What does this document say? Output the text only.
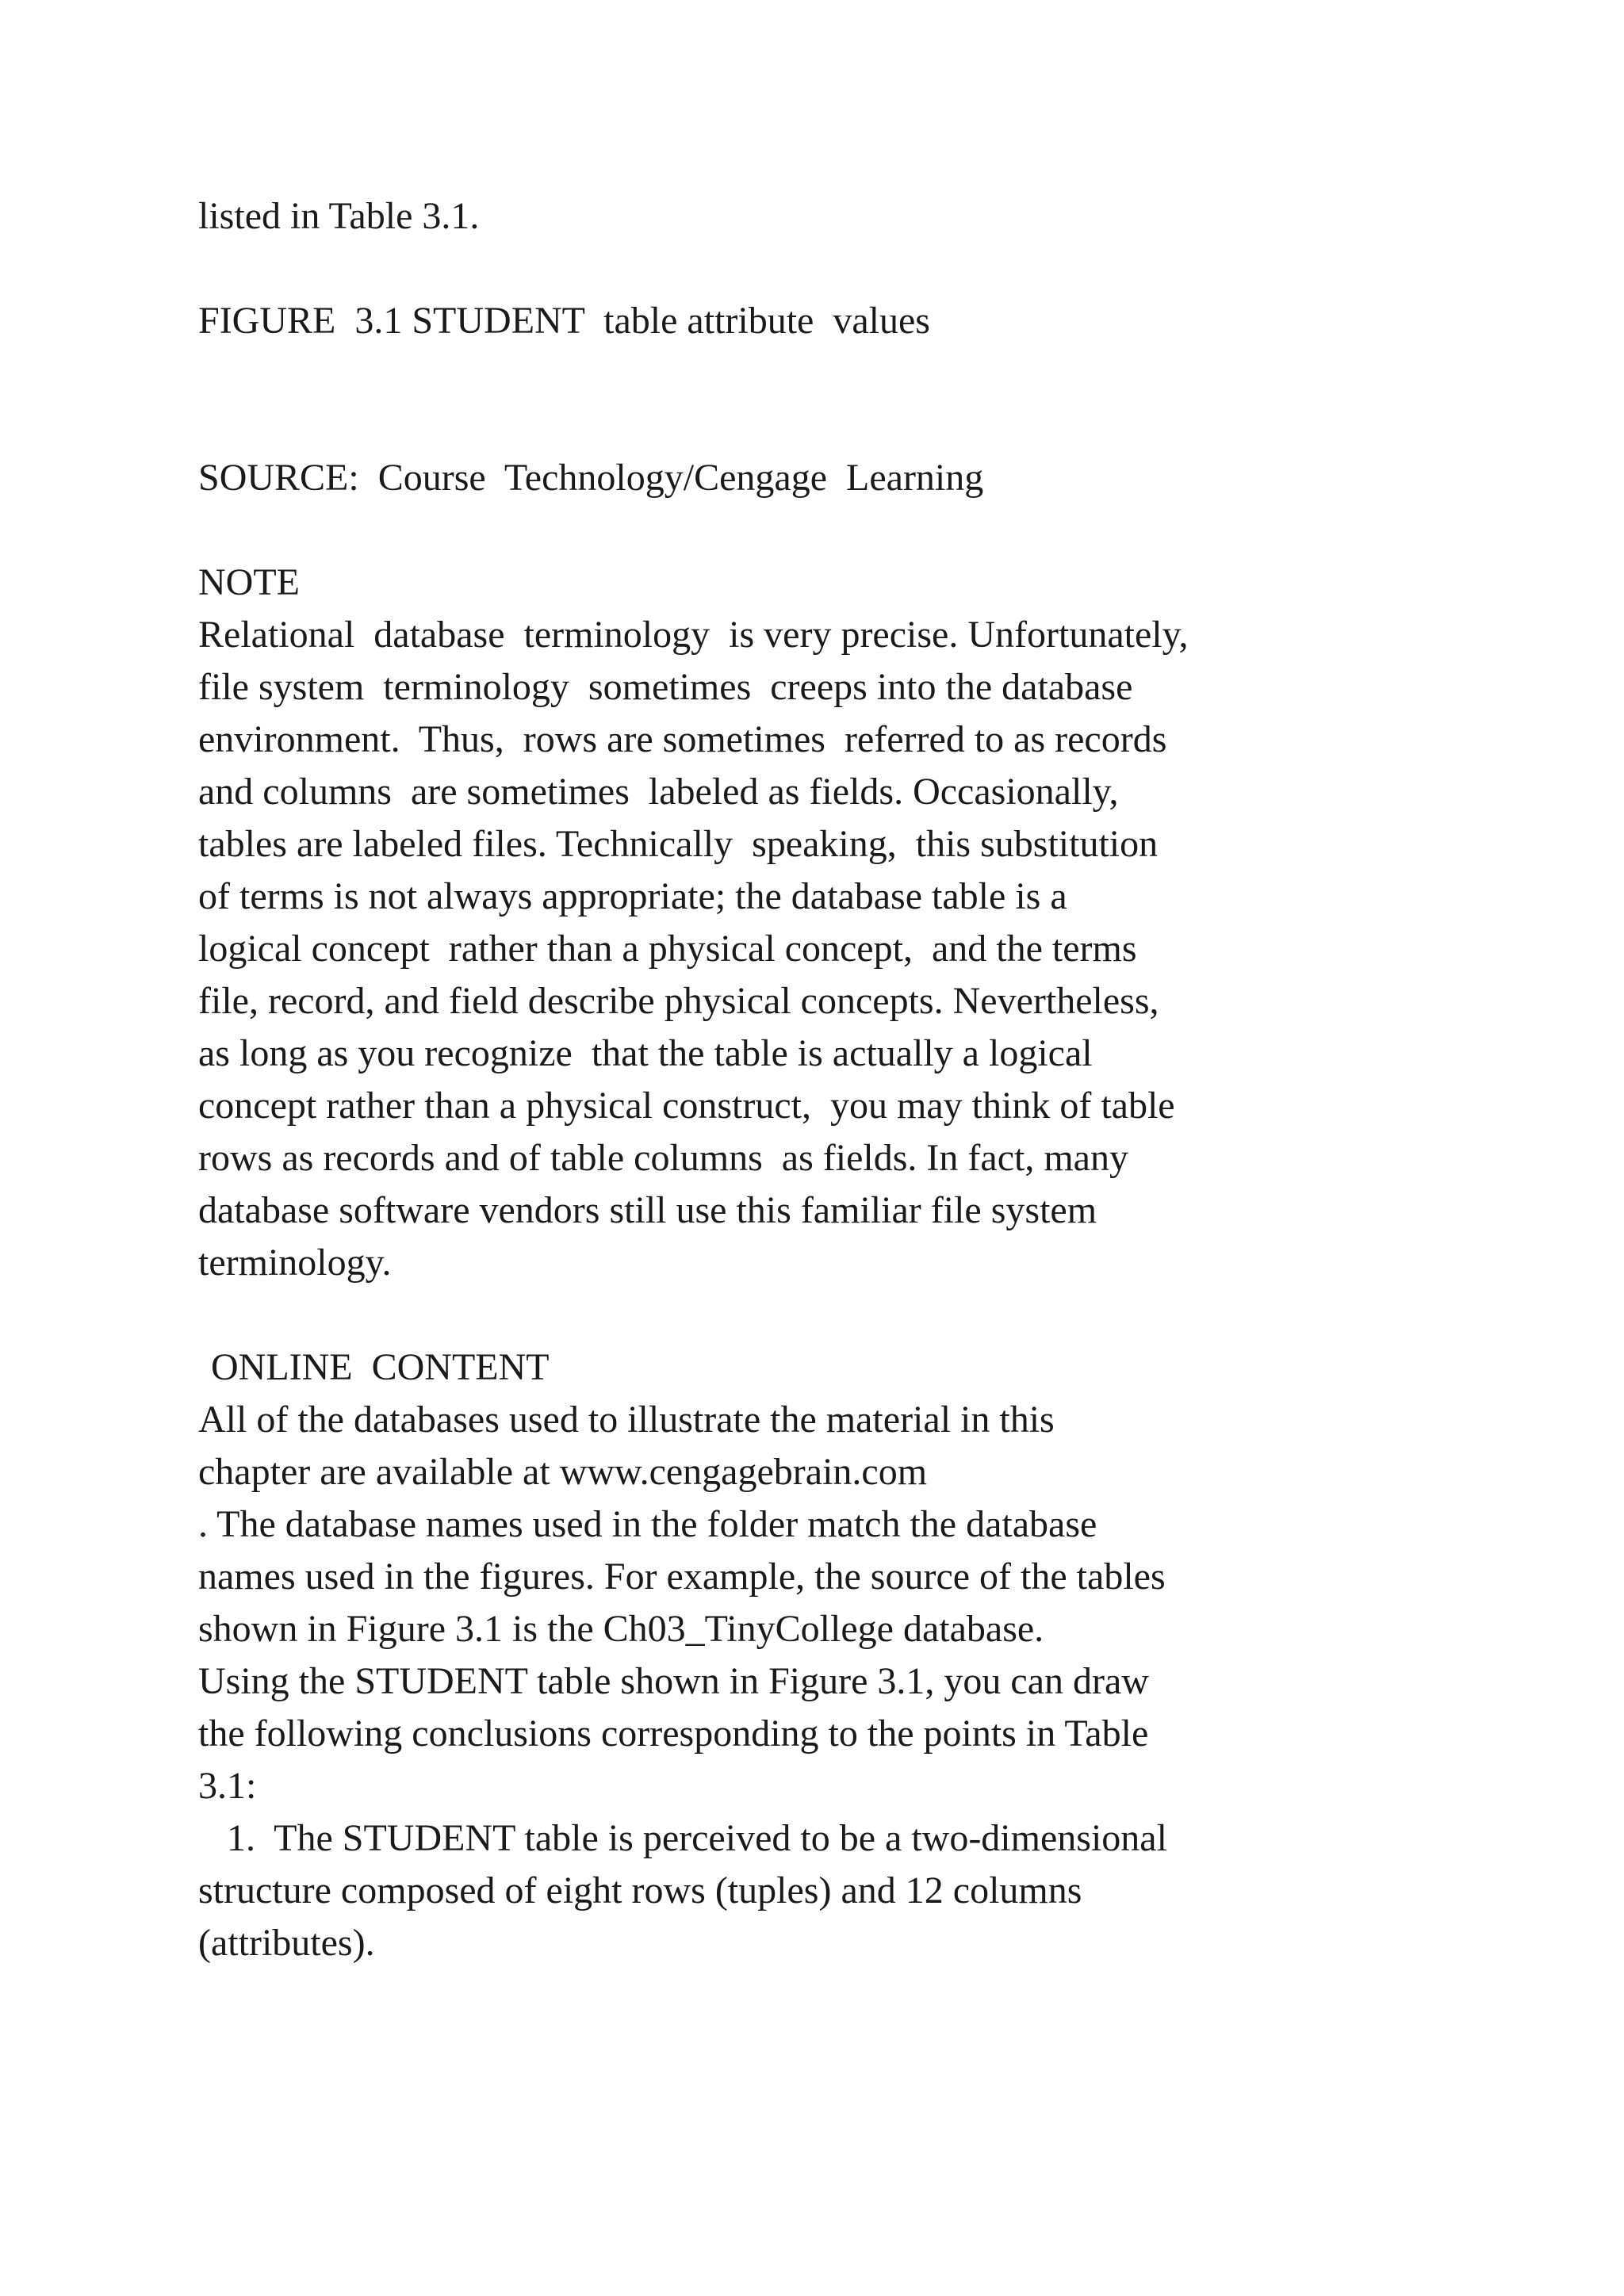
listed in Table 3.1.

FIGURE  3.1 STUDENT  table attribute  values

SOURCE:  Course  Technology/Cengage  Learning

NOTE

Relational  database  terminology  is very precise. Unfortunately,

file system  terminology  sometimes  creeps into the database

environment.  Thus,  rows are sometimes  referred to as records

and columns  are sometimes  labeled as fields. Occasionally,

tables are labeled files. Technically  speaking,  this substitution

of terms is not always appropriate; the database table is a

logical concept  rather than a physical concept,  and the terms

file, record, and field describe physical concepts. Nevertheless,

as long as you recognize  that the table is actually a logical

concept rather than a physical construct,  you may think of table

rows as records and of table columns  as fields. In fact, many

database software vendors still use this familiar file system

terminology.

ONLINE  CONTENT

All of the databases used to illustrate the material in this

chapter are available at www.cengagebrain.com

. The database names used in the folder match the database

names used in the figures. For example, the source of the tables

shown in Figure 3.1 is the Ch03_TinyCollege database.

Using the STUDENT table shown in Figure 3.1, you can draw

the following conclusions corresponding to the points in Table

3.1:

1.  The STUDENT table is perceived to be a two-dimensional

structure composed of eight rows (tuples) and 12 columns

(attributes).
